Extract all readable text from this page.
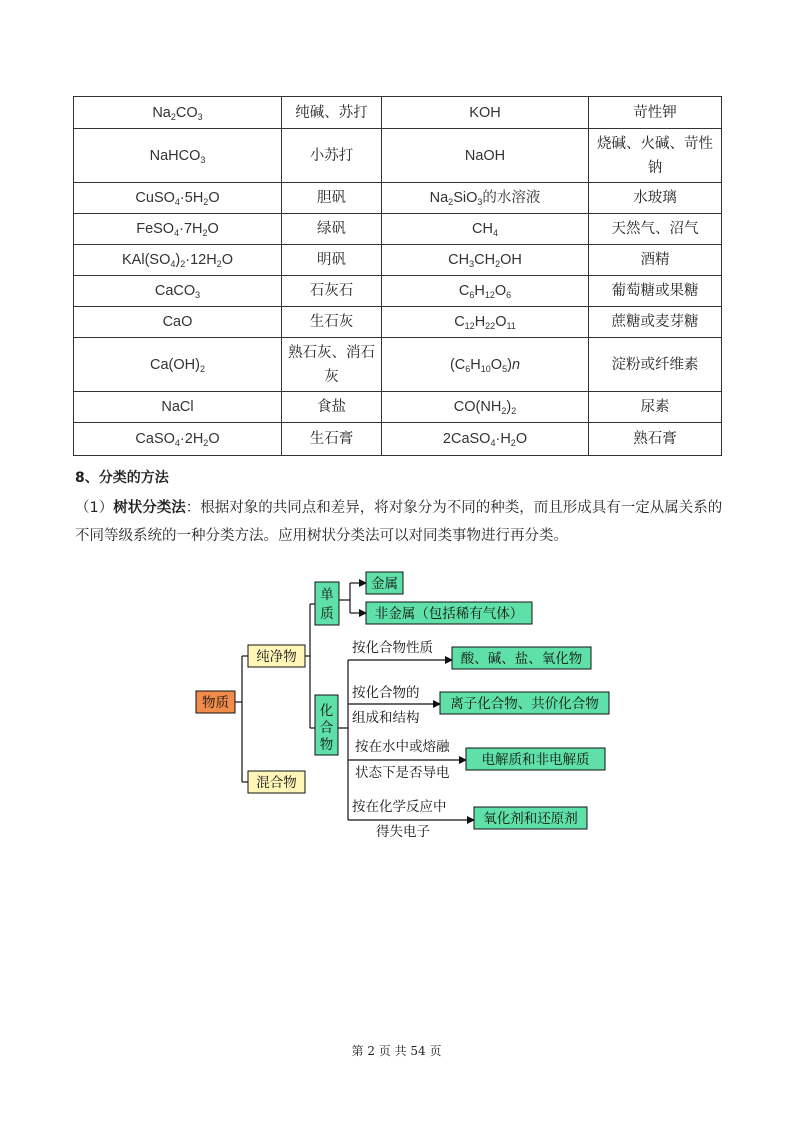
$Na_2CO_3$	纯碱、苏打	KOH	苛性钾
NaHCO$_3$	小苏打	NaOH	烧碱、火碱、苛性钠
$CuSO_4\cdot 5H_2O$	胆矾	$Na_2SiO_3$的水溶液	水玻璃
$FeSO_4\cdot 7H_2O$	绿矾	$CH_4$	天然气、沼气
$KAl(SO_4)_2\cdot 12H_2O$	明矾	$CH_3CH_2OH$	酒精
CaCO$_3$	石灰石	$C_6H_{12}O_6$	葡萄糖或果糖
CaO	生石灰	$C_{12}H_{22}O_{11}$	蔗糖或麦芽糖
$Ca(OH)_2$	熟石灰、消石灰	$(C_6H_{10}O_5)n$	淀粉或纤维素
NaCl	食盐	$CO(NH_2)_2$	尿素
$CaSO_4\cdot 2H_2O$	生石膏	$2CaSO_4\cdot H_2O$	熟石膏
8、分类的方法
（1）树状分类法：根据对象的共同点和差异，将对象分为不同的种类，而且形成具有一定从属关系的不同等级系统的一种分类方法。应用树状分类法可以对同类事物进行再分类。
物质
纯净物
混合物
单质
化合物
金属
非金属（包括稀有气体）
按化合物性质
按化合物的
组成和结构
按在水中或熔融
状态下是否导电
按在化学反应中
得失电子
酸、碱、盐、氧化物
离子化合物、共价化合物
电解质和非电解质
氧化剂和还原剂
第 2 页 共 54 页
